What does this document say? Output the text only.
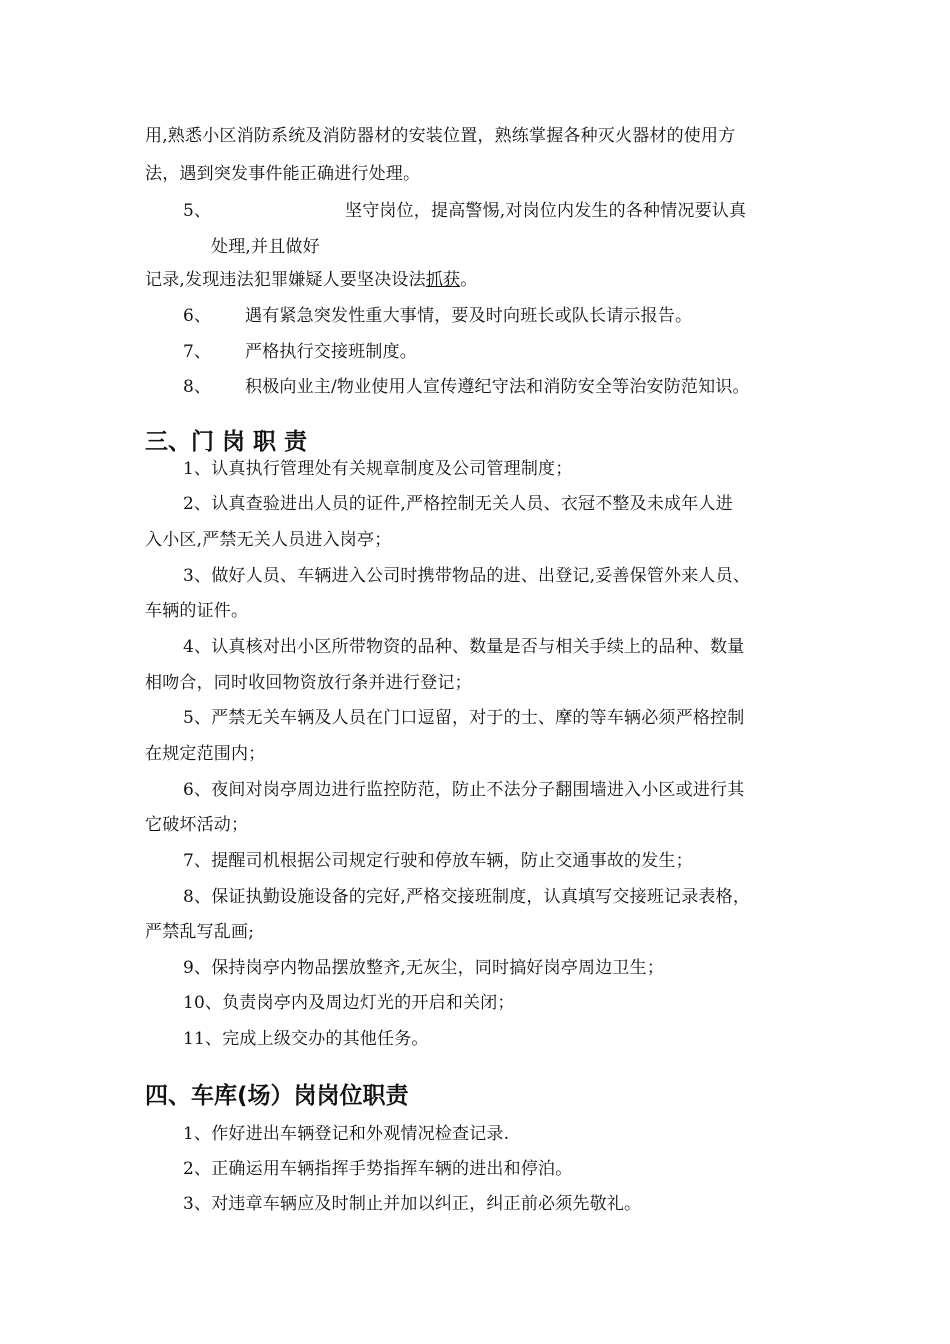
用,熟悉小区消防系统及消防器材的安装位置，熟练掌握各种灭火器材的使用方
法，遇到突发事件能正确进行处理。
5、	坚守岗位，提高警惕,对岗位内发生的各种情况要认真
处理,并且做好
记录,发现违法犯罪嫌疑人要坚决设法抓获。
6、 遇有紧急突发性重大事情，要及时向班长或队长请示报告。
7、 严格执行交接班制度。
8、 积极向业主/物业使用人宣传遵纪守法和消防安全等治安防范知识。
三、门 岗 职 责
1、认真执行管理处有关规章制度及公司管理制度；
2、认真查验进出人员的证件,严格控制无关人员、衣冠不整及未成年人进
入小区,严禁无关人员进入岗亭；
3、做好人员、车辆进入公司时携带物品的进、出登记,妥善保管外来人员、
车辆的证件。
4、认真核对出小区所带物资的品种、数量是否与相关手续上的品种、数量
相吻合，同时收回物资放行条并进行登记；
5、严禁无关车辆及人员在门口逗留，对于的士、摩的等车辆必须严格控制
在规定范围内；
6、夜间对岗亭周边进行监控防范，防止不法分子翻围墙进入小区或进行其
它破坏活动；
7、提醒司机根据公司规定行驶和停放车辆，防止交通事故的发生；
8、保证执勤设施设备的完好,严格交接班制度，认真填写交接班记录表格，
严禁乱写乱画;
9、保持岗亭内物品摆放整齐,无灰尘，同时搞好岗亭周边卫生；
10、负责岗亭内及周边灯光的开启和关闭；
11、完成上级交办的其他任务。
四、车库(场）岗岗位职责
1、作好进出车辆登记和外观情况检查记录.
2、正确运用车辆指挥手势指挥车辆的进出和停泊。
3、对违章车辆应及时制止并加以纠正，纠正前必须先敬礼。
